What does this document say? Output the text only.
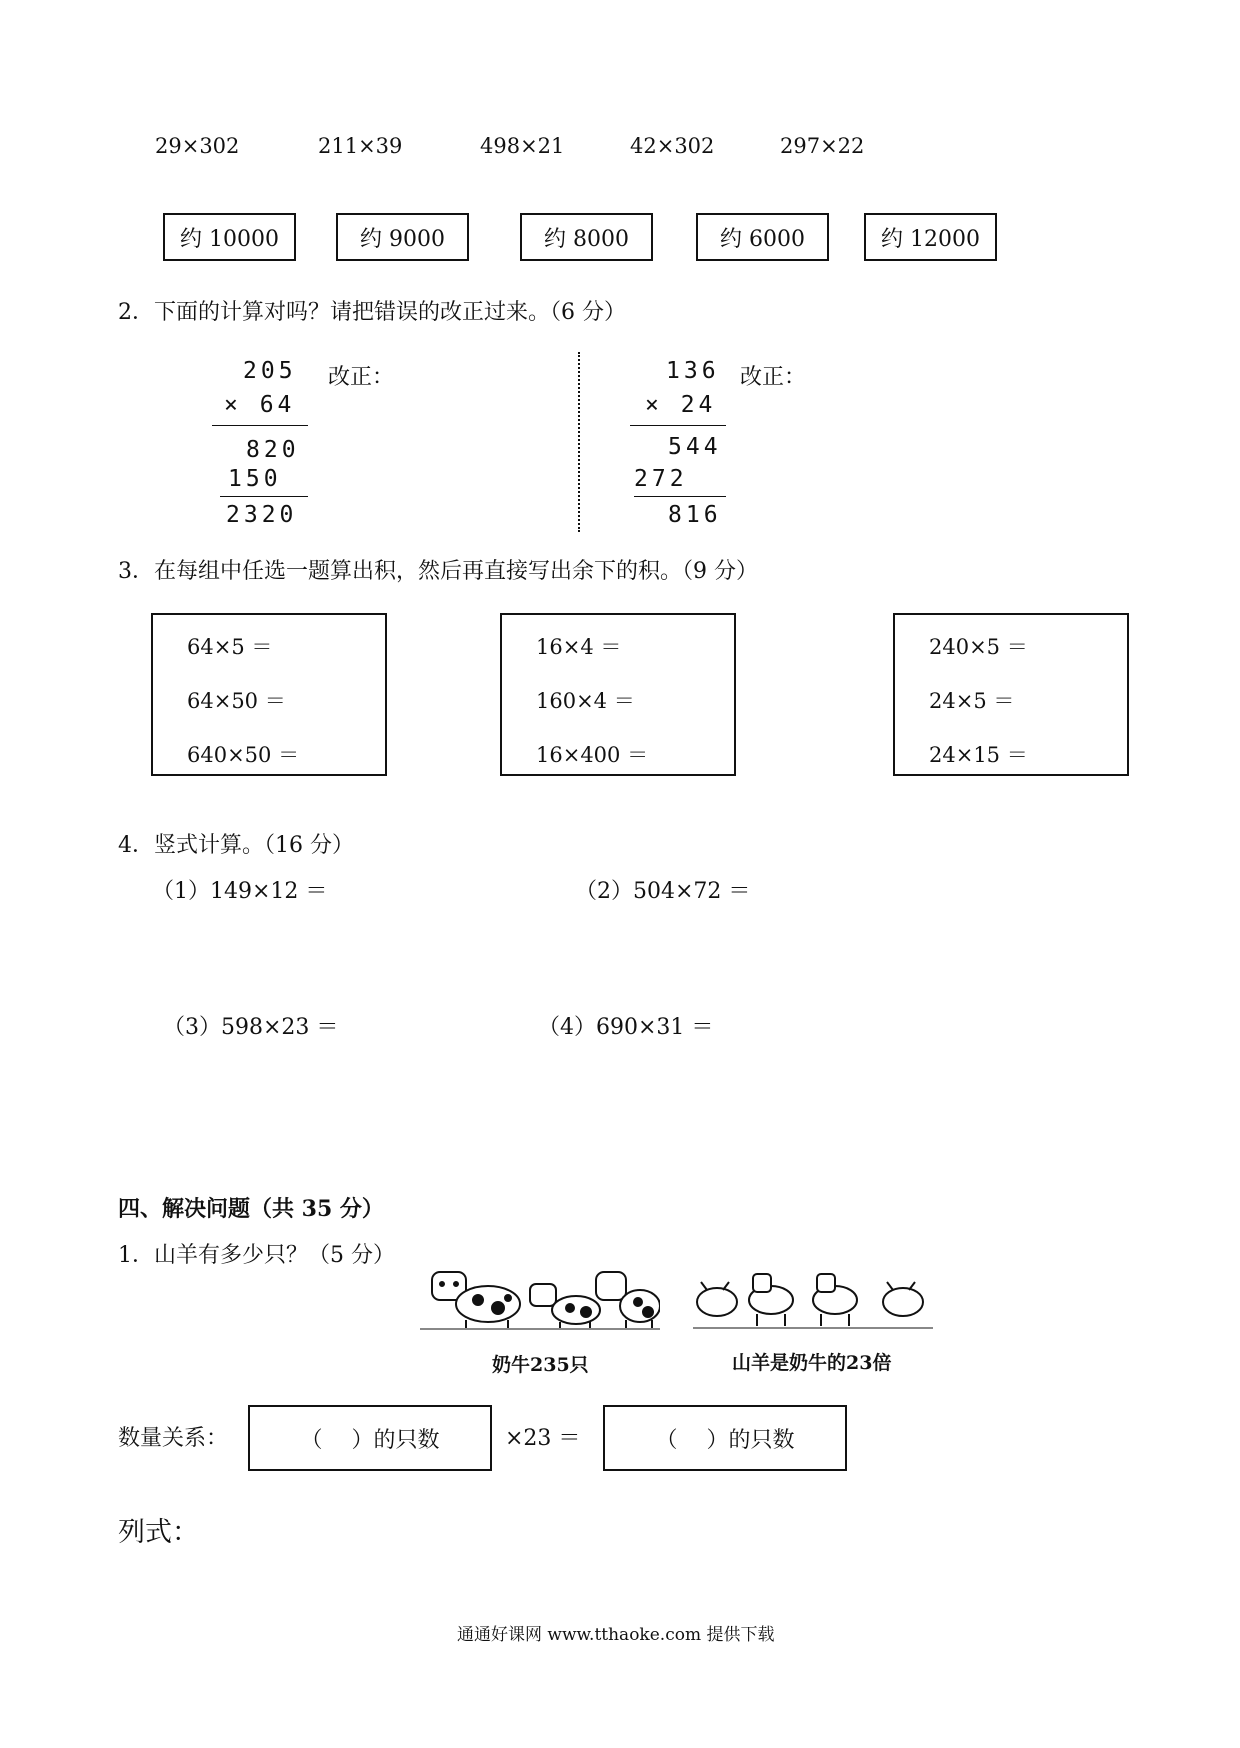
29×302	211×39	498×21	42×302	297×22
约 10000	约 9000	约 8000	约 6000	约 12000
2．下面的计算对吗？请把错误的改正过来。（6 分）
205 改正：
× 64
820
150
2320
136 改正：
× 24
544
272
816
3．在每组中任选一题算出积，然后再直接写出余下的积。（9 分）
64×5 ＝
64×50 ＝
640×50 ＝
16×4 ＝
160×4 ＝
16×400 ＝
240×5 ＝
24×5 ＝
24×15 ＝
4．竖式计算。（16 分）
（1）149×12 ＝	（2）504×72 ＝
（3）598×23 ＝	（4）690×31 ＝
四、解决问题（共 35 分）
1．山羊有多少只？（5 分）
奶牛235只	山羊是奶牛的23倍
数量关系：	（　 ）的只数	×23 ＝	（　 ）的只数
列式：
通通好课网 www.tthaoke.com 提供下载
